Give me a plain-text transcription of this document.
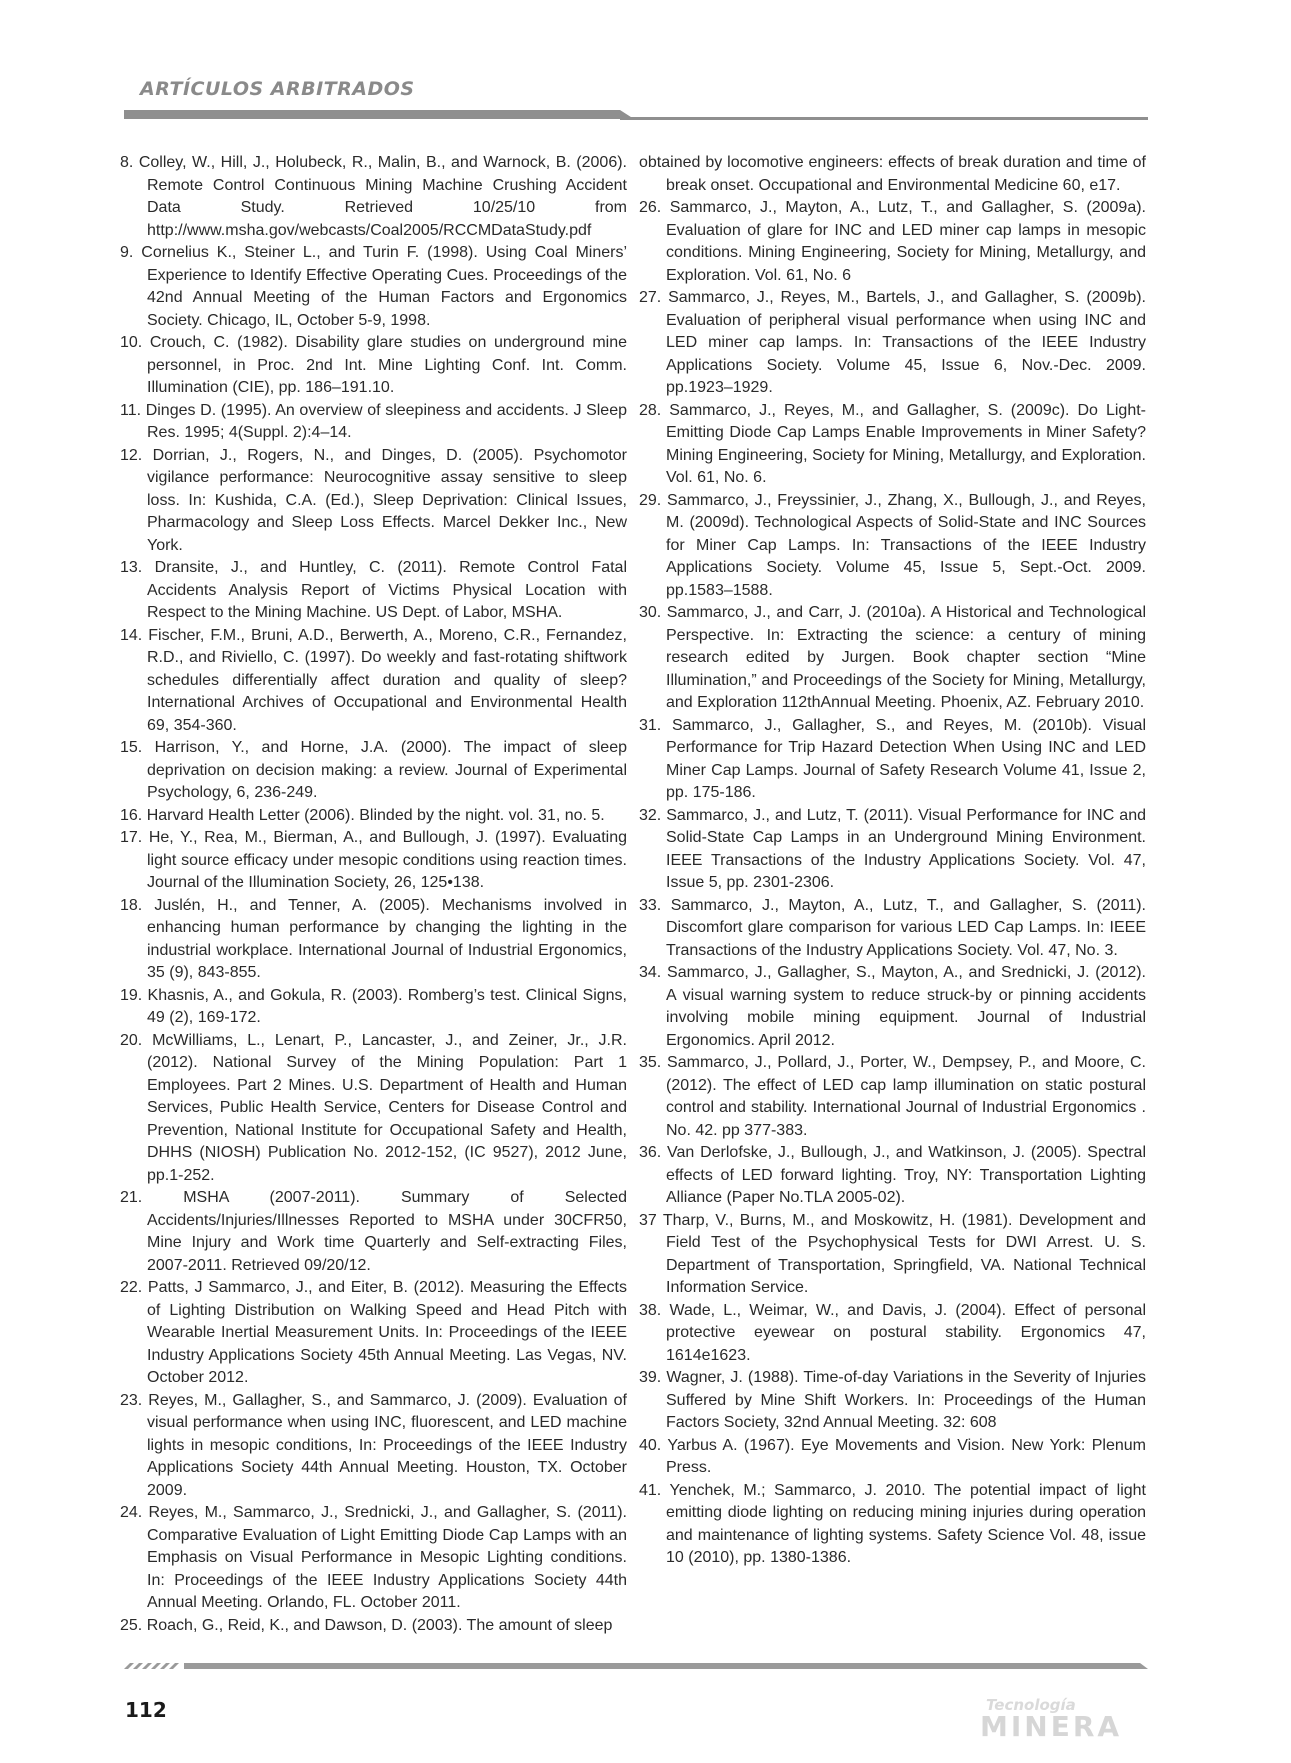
ARTÍCULOS ARBITRADOS

8. Colley, W., Hill, J., Holubeck, R., Malin, B., and Warnock, B. (2006). Remote Control Continuous Mining Machine Crushing Accident Data Study. Retrieved 10/25/10 from http://www.msha.gov/webcasts/Coal2005/RCCMDataStudy.pdf

9. Cornelius K., Steiner L., and Turin F. (1998). Using Coal Miners’ Experience to Identify Effective Operating Cues. Proceedings of the 42nd Annual Meeting of the Human Factors and Ergonomics Society. Chicago, IL, October 5-9, 1998.

10. Crouch, C. (1982). Disability glare studies on underground mine personnel, in Proc. 2nd Int. Mine Lighting Conf. Int. Comm. Illumination (CIE), pp. 186–191.10.

11. Dinges D. (1995). An overview of sleepiness and accidents. J Sleep Res. 1995; 4(Suppl. 2):4–14.

12. Dorrian, J., Rogers, N., and Dinges, D. (2005). Psychomotor vigilance performance: Neurocognitive assay sensitive to sleep loss. In: Kushida, C.A. (Ed.), Sleep Deprivation: Clinical Issues, Pharmacology and Sleep Loss Effects. Marcel Dekker Inc., New York.

13. Dransite, J., and Huntley, C. (2011). Remote Control Fatal Accidents Analysis Report of Victims Physical Location with Respect to the Mining Machine. US Dept. of Labor, MSHA.

14. Fischer, F.M., Bruni, A.D., Berwerth, A., Moreno, C.R., Fernandez, R.D., and Riviello, C. (1997). Do weekly and fast-rotating shiftwork schedules differentially affect duration and quality of sleep? International Archives of Occupational and Environmental Health 69, 354-360.

15. Harrison, Y., and Horne, J.A. (2000). The impact of sleep deprivation on decision making: a review. Journal of Experimental Psychology, 6, 236-249.

16. Harvard Health Letter (2006). Blinded by the night. vol. 31, no. 5.

17. He, Y., Rea, M., Bierman, A., and Bullough, J. (1997). Evaluating light source efficacy under mesopic conditions using reaction times. Journal of the Illumination Society, 26, 125•138.

18. Juslén, H., and Tenner, A. (2005). Mechanisms involved in enhancing human performance by changing the lighting in the industrial workplace. International Journal of Industrial Ergonomics, 35 (9), 843-855.

19. Khasnis, A., and Gokula, R. (2003). Romberg’s test. Clinical Signs, 49 (2), 169-172.

20. McWilliams, L., Lenart, P., Lancaster, J., and Zeiner, Jr., J.R. (2012). National Survey of the Mining Population: Part 1 Employees. Part 2 Mines. U.S. Department of Health and Human Services, Public Health Service, Centers for Disease Control and Prevention, National Institute for Occupational Safety and Health, DHHS (NIOSH) Publication No. 2012-152, (IC 9527), 2012 June, pp.1-252.

21. MSHA (2007-2011). Summary of Selected Accidents/Injuries/Illnesses Reported to MSHA under 30CFR50, Mine Injury and Work time Quarterly and Self-extracting Files, 2007-2011. Retrieved 09/20/12.

22. Patts, J Sammarco, J., and Eiter, B. (2012). Measuring the Effects of Lighting Distribution on Walking Speed and Head Pitch with Wearable Inertial Measurement Units. In: Proceedings of the IEEE Industry Applications Society 45th Annual Meeting. Las Vegas, NV. October 2012.

23. Reyes, M., Gallagher, S., and Sammarco, J. (2009). Evaluation of visual performance when using INC, fluorescent, and LED machine lights in mesopic conditions, In: Proceedings of the IEEE Industry Applications Society 44th Annual Meeting. Houston, TX. October 2009.

24. Reyes, M., Sammarco, J., Srednicki, J., and Gallagher, S. (2011). Comparative Evaluation of Light Emitting Diode Cap Lamps with an Emphasis on Visual Performance in Mesopic Lighting conditions. In: Proceedings of the IEEE Industry Applications Society 44th Annual Meeting. Orlando, FL. October 2011.

25. Roach, G., Reid, K., and Dawson, D. (2003). The amount of sleep

obtained by locomotive engineers: effects of break duration and time of break onset. Occupational and Environmental Medicine 60, e17.

26. Sammarco, J., Mayton, A., Lutz, T., and Gallagher, S. (2009a). Evaluation of glare for INC and LED miner cap lamps in mesopic conditions. Mining Engineering, Society for Mining, Metallurgy, and Exploration. Vol. 61, No. 6

27. Sammarco, J., Reyes, M., Bartels, J., and Gallagher, S. (2009b). Evaluation of peripheral visual performance when using INC and LED miner cap lamps. In: Transactions of the IEEE Industry Applications Society. Volume 45, Issue 6, Nov.-Dec. 2009. pp.1923–1929.

28. Sammarco, J., Reyes, M., and Gallagher, S. (2009c). Do Light-Emitting Diode Cap Lamps Enable Improvements in Miner Safety? Mining Engineering, Society for Mining, Metallurgy, and Exploration. Vol. 61, No. 6.

29. Sammarco, J., Freyssinier, J., Zhang, X., Bullough, J., and Reyes, M. (2009d). Technological Aspects of Solid-State and INC Sources for Miner Cap Lamps. In: Transactions of the IEEE Industry Applications Society. Volume 45, Issue 5, Sept.-Oct. 2009. pp.1583–1588.

30. Sammarco, J., and Carr, J. (2010a). A Historical and Technological Perspective. In: Extracting the science: a century of mining research edited by Jurgen. Book chapter section “Mine Illumination,” and Proceedings of the Society for Mining, Metallurgy, and Exploration 112thAnnual Meeting. Phoenix, AZ. February 2010.

31. Sammarco, J., Gallagher, S., and Reyes, M. (2010b). Visual Performance for Trip Hazard Detection When Using INC and LED Miner Cap Lamps. Journal of Safety Research Volume 41, Issue 2, pp. 175-186.

32. Sammarco, J., and Lutz, T. (2011). Visual Performance for INC and Solid-State Cap Lamps in an Underground Mining Environment. IEEE Transactions of the Industry Applications Society. Vol. 47, Issue 5, pp. 2301-2306.

33. Sammarco, J., Mayton, A., Lutz, T., and Gallagher, S. (2011). Discomfort glare comparison for various LED Cap Lamps. In: IEEE Transactions of the Industry Applications Society. Vol. 47, No. 3.

34. Sammarco, J., Gallagher, S., Mayton, A., and Srednicki, J. (2012). A visual warning system to reduce struck-by or pinning accidents involving mobile mining equipment. Journal of Industrial Ergonomics. April 2012.

35. Sammarco, J., Pollard, J., Porter, W., Dempsey, P., and Moore, C. (2012). The effect of LED cap lamp illumination on static postural control and stability. International Journal of Industrial Ergonomics . No. 42. pp 377-383.

36. Van Derlofske, J., Bullough, J., and Watkinson, J. (2005). Spectral effects of LED forward lighting. Troy, NY: Transportation Lighting Alliance (Paper No.TLA 2005-02).

37 Tharp, V., Burns, M., and Moskowitz, H. (1981). Development and Field Test of the Psychophysical Tests for DWI Arrest. U. S. Department of Transportation, Springfield, VA. National Technical Information Service.

38. Wade, L., Weimar, W., and Davis, J. (2004). Effect of personal protective eyewear on postural stability. Ergonomics 47, 1614e1623.

39. Wagner, J. (1988). Time-of-day Variations in the Severity of Injuries Suffered by Mine Shift Workers. In: Proceedings of the Human Factors Society, 32nd Annual Meeting. 32: 608

40. Yarbus A. (1967). Eye Movements and Vision. New York: Plenum Press.

41. Yenchek, M.; Sammarco, J. 2010. The potential impact of light emitting diode lighting on reducing mining injuries during operation and maintenance of lighting systems. Safety Science Vol. 48, issue 10 (2010), pp. 1380-1386.

112	Tecnología
MINERA
